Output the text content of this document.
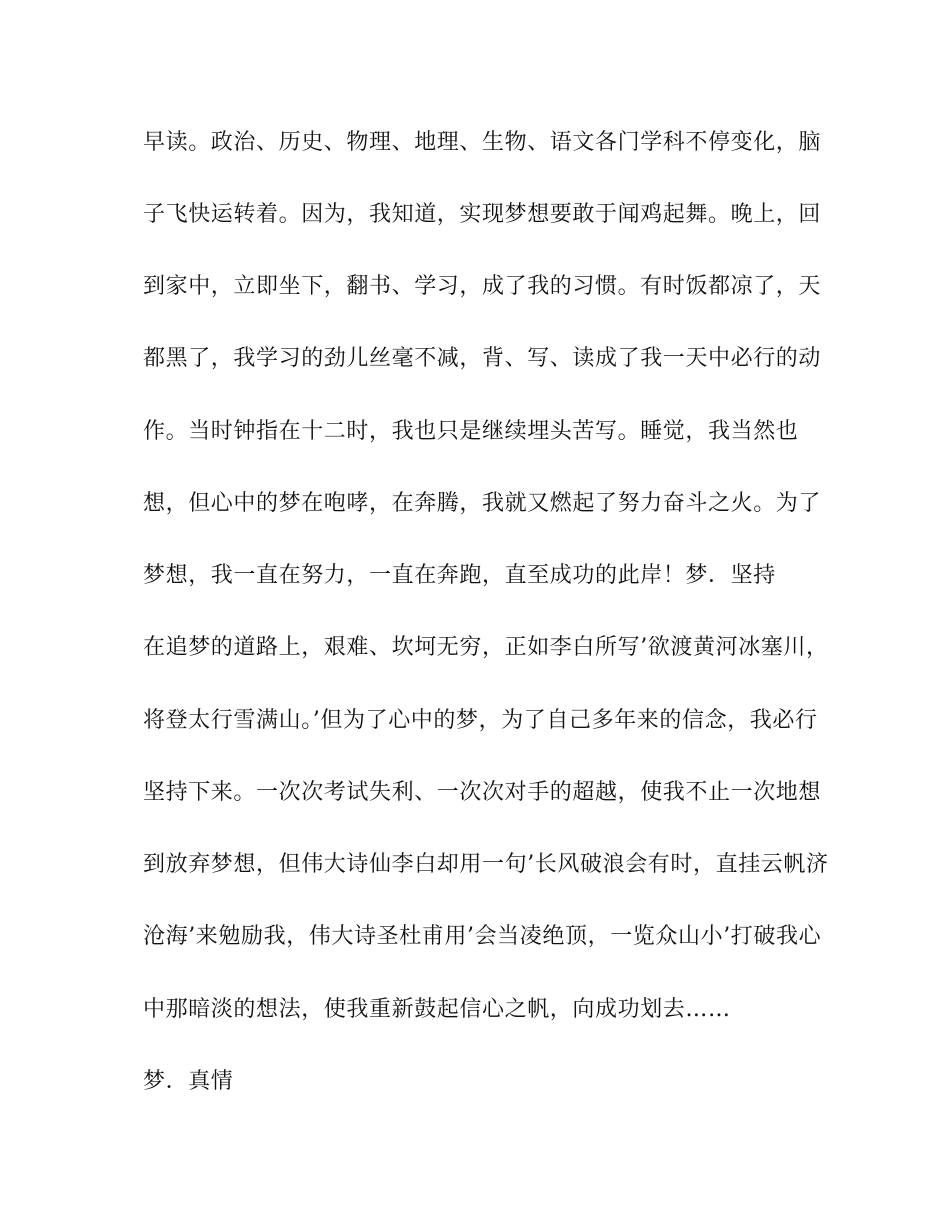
早读。政治、历史、物理、地理、生物、语文各门学科不停变化，脑
子飞快运转着。因为，我知道，实现梦想要敢于闻鸡起舞。晚上，回
到家中，立即坐下，翻书、学习，成了我的习惯。有时饭都凉了，天
都黑了，我学习的劲儿丝毫不减，背、写、读成了我一天中必行的动
作。当时钟指在十二时，我也只是继续埋头苦写。睡觉，我当然也
想，但心中的梦在咆哮，在奔腾，我就又燃起了努力奋斗之火。为了
梦想，我一直在努力，一直在奔跑，直至成功的此岸！梦．坚持
在追梦的道路上，艰难、坎坷无穷，正如李白所写’欲渡黄河冰塞川，
将登太行雪满山。’但为了心中的梦，为了自己多年来的信念，我必行
坚持下来。一次次考试失利、一次次对手的超越，使我不止一次地想
到放弃梦想，但伟大诗仙李白却用一句’长风破浪会有时，直挂云帆济
沧海’来勉励我，伟大诗圣杜甫用’会当凌绝顶，一览众山小’打破我心
中那暗淡的想法，使我重新鼓起信心之帆，向成功划去……
梦．真情
